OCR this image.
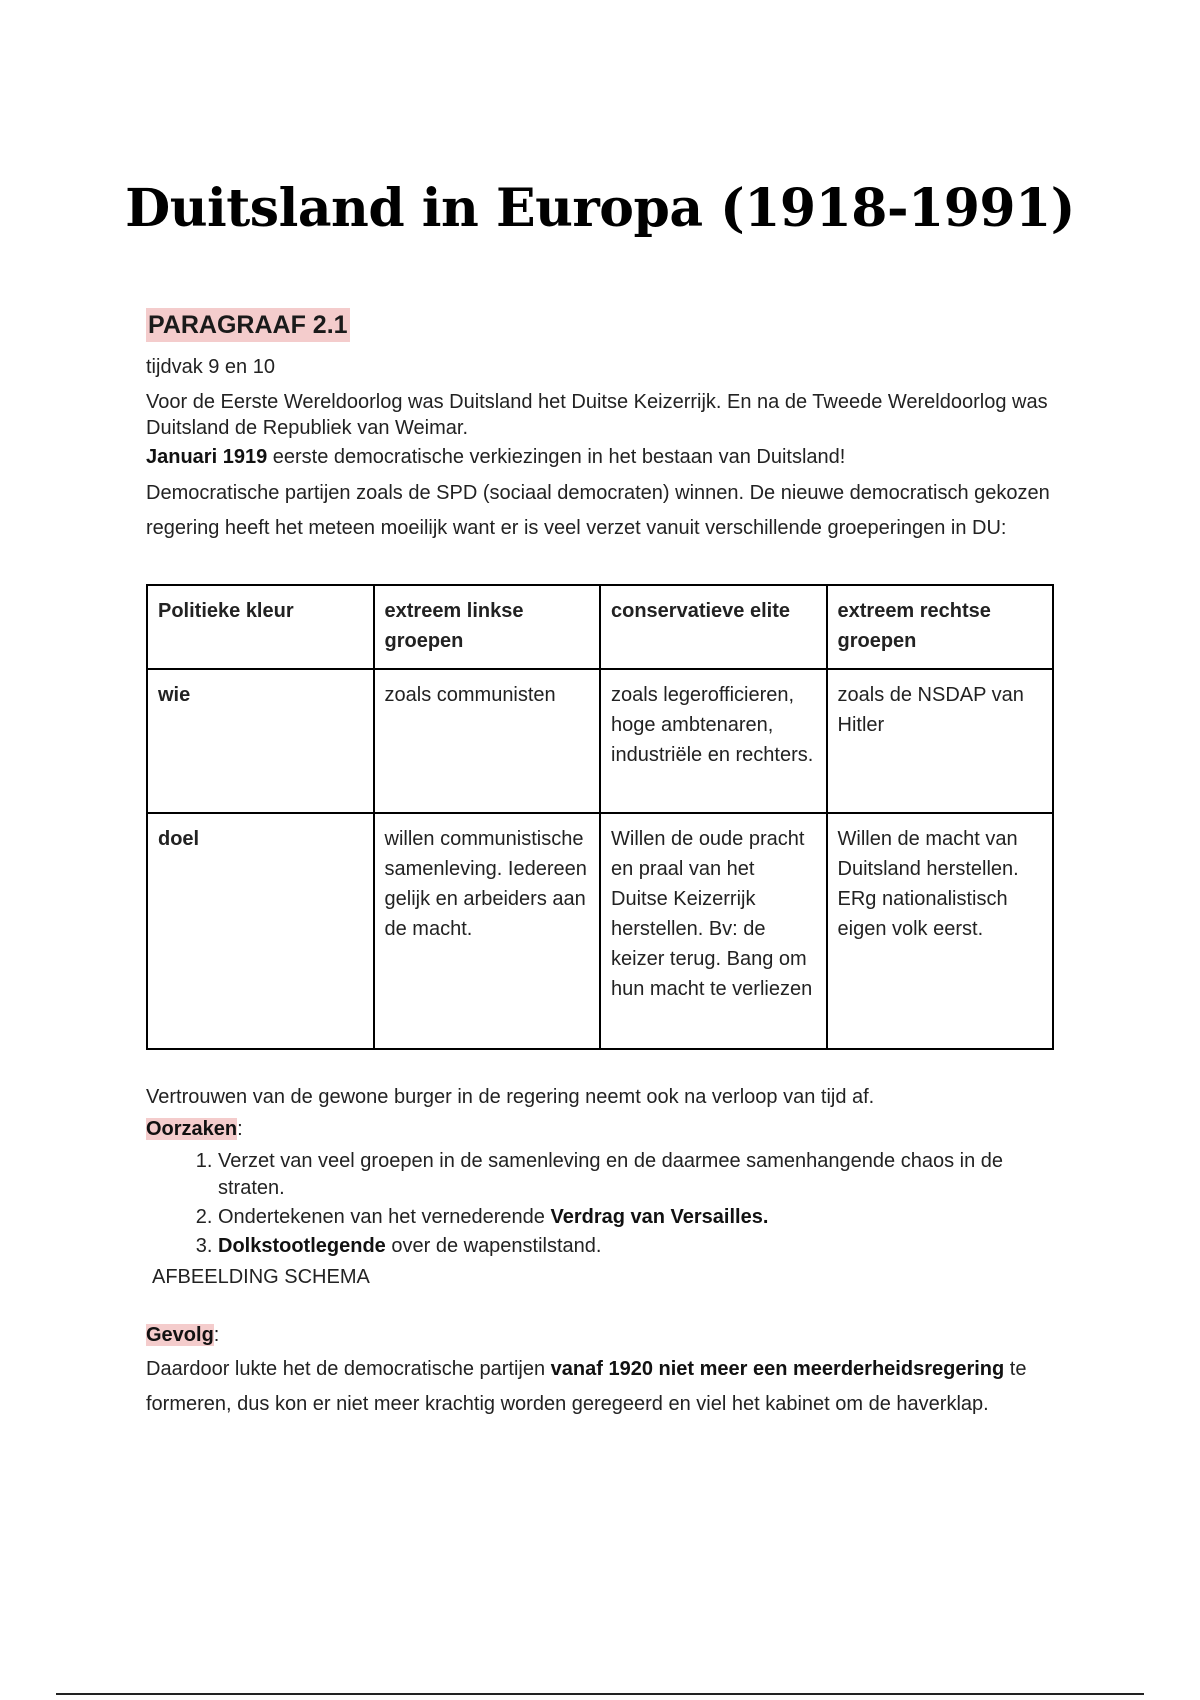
Duitsland in Europa (1918-1991)
PARAGRAAF 2.1

tijdvak 9 en 10

Voor de Eerste Wereldoorlog was Duitsland het Duitse Keizerrijk. En na de Tweede Wereldoorlog was Duitsland de Republiek van Weimar.

Januari 1919 eerste democratische verkiezingen in het bestaan van Duitsland!

Democratische partijen zoals de SPD (sociaal democraten) winnen. De nieuwe democratisch gekozen regering heeft het meteen moeilijk want er is veel verzet vanuit verschillende groeperingen in DU:

Politieke kleur	extreem linkse groepen	conservatieve elite	extreem rechtse groepen
wie	zoals communisten	zoals legerofficieren, hoge ambtenaren, industriële en rechters.	zoals de NSDAP van Hitler
doel	willen communistische samenleving. Iedereen gelijk en arbeiders aan de macht.	Willen de oude pracht en praal van het Duitse Keizerrijk herstellen. Bv: de keizer terug. Bang om hun macht te verliezen	Willen de macht van Duitsland herstellen. ERg nationalistisch eigen volk eerst.

Vertrouwen van de gewone burger in de regering neemt ook na verloop van tijd af.

Oorzaken:

1. Verzet van veel groepen in de samenleving en de daarmee samenhangende chaos in de straten.
2. Ondertekenen van het vernederende Verdrag van Versailles.
3. Dolkstootlegende over de wapenstilstand.

AFBEELDING SCHEMA

Gevolg:

Daardoor lukte het de democratische partijen vanaf 1920 niet meer een meerderheidsregering te formeren, dus kon er niet meer krachtig worden geregeerd en viel het kabinet om de haverklap.
